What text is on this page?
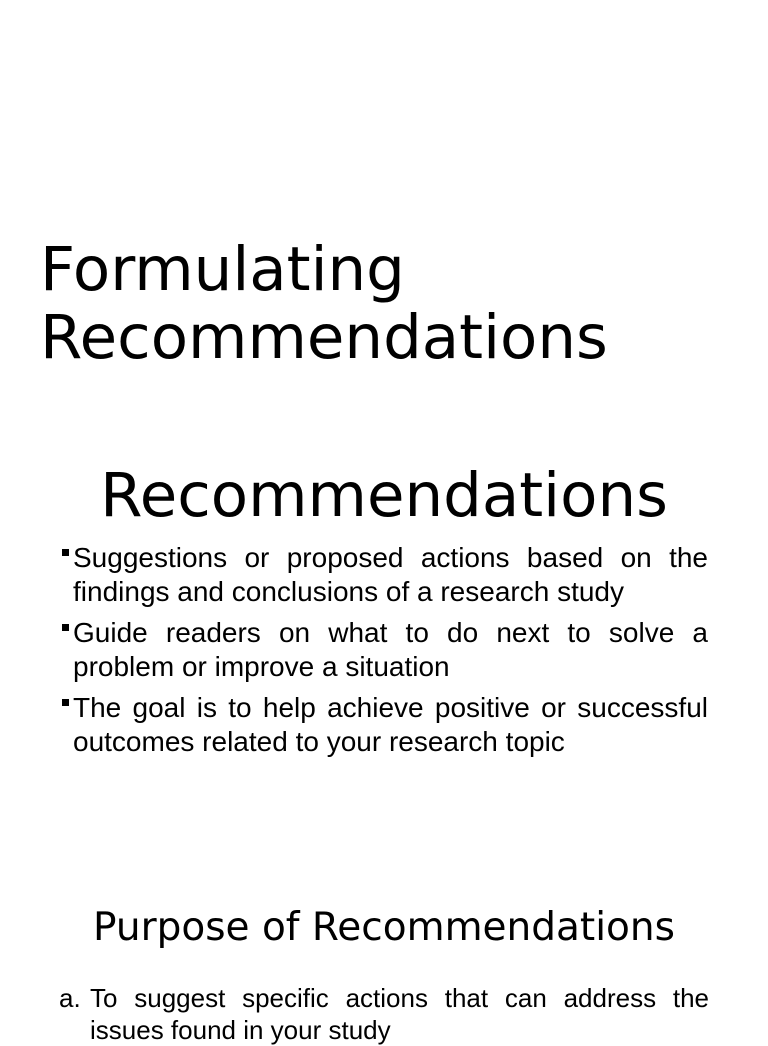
Formulating
Recommendations
Recommendations
Suggestions or proposed actions based on the findings and conclusions of a research study
Guide readers on what to do next to solve a problem or improve a situation
The goal is to help achieve positive or successful outcomes related to your research topic
Purpose of Recommendations
a. To suggest specific actions that can address the issues found in your study
